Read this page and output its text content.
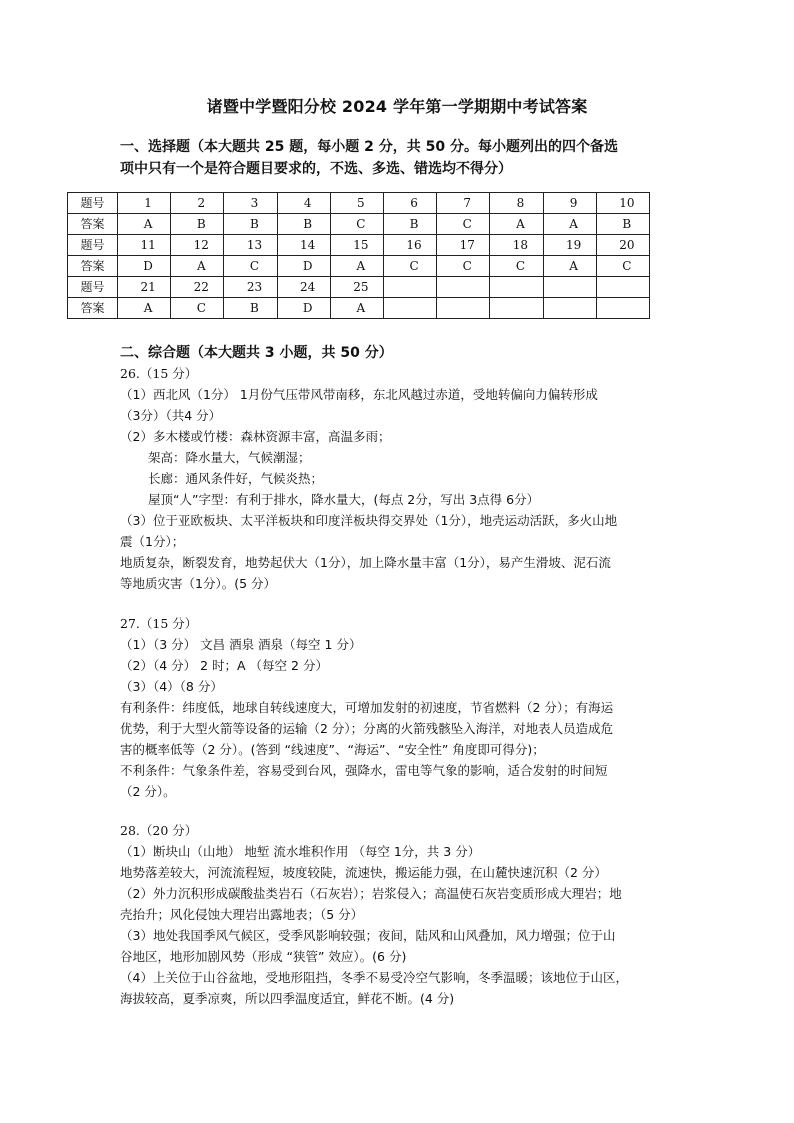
诸暨中学暨阳分校 2024 学年第一学期期中考试答案
一、选择题（本大题共 25 题，每小题 2 分，共 50 分。每小题列出的四个备选
项中只有一个是符合题目要求的，不选、多选、错选均不得分）
题号	1	2	3	4	5	6	7	8	9	10
答案	A	B	B	B	C	B	C	A	A	B
题号	11	12	13	14	15	16	17	18	19	20
答案	D	A	C	D	A	C	C	C	A	C
题号	21	22	23	24	25					
答案	A	C	B	D	A					
二、综合题（本大题共 3 小题，共 50 分）

26.（15 分）

（1）西北风（1分） 1月份气压带风带南移，东北风越过赤道，受地转偏向力偏转形成

（3分）（共4 分）

（2）多木楼或竹楼：森林资源丰富，高温多雨；

架高：降水量大，气候潮湿；

长廊：通风条件好，气候炎热；

屋顶“人”字型：有利于排水，降水量大，(每点 2分，写出 3点得 6分）

（3）位于亚欧板块、太平洋板块和印度洋板块得交界处（1分），地壳运动活跃，多火山地

震（1分）；

地质复杂，断裂发育，地势起伏大（1分），加上降水量丰富（1分），易产生滑坡、泥石流

等地质灾害（1分）。(5 分）

27.（15 分）

（1）（3 分） 文昌 酒泉 酒泉（每空 1 分）

（2）（4 分） 2 时；A （每空 2 分）

（3）（4）（8 分）

有利条件：纬度低，地球自转线速度大，可增加发射的初速度，节省燃料（2 分）；有海运

优势，利于大型火箭等设备的运输（2 分）；分离的火箭残骸坠入海洋，对地表人员造成危

害的概率低等（2 分）。(答到 “线速度”、“海运”、“安全性” 角度即可得分)；

不利条件：气象条件差，容易受到台风，强降水，雷电等气象的影响，适合发射的时间短

（2 分）。

28.（20 分）

（1）断块山（山地） 地堑 流水堆积作用 （每空 1分，共 3 分）

地势落差较大，河流流程短，坡度较陡，流速快，搬运能力强，在山麓快速沉积（2 分）

（2）外力沉积形成碳酸盐类岩石（石灰岩）；岩浆侵入；高温使石灰岩变质形成大理岩；地

壳抬升；风化侵蚀大理岩出露地表；（5 分）

（3）地处我国季风气候区，受季风影响较强；夜间，陆风和山风叠加，风力增强；位于山

谷地区，地形加剧风势（形成 “狭管” 效应）。(6 分)

（4）上关位于山谷盆地，受地形阻挡，冬季不易受冷空气影响，冬季温暖；该地位于山区，

海拔较高，夏季凉爽，所以四季温度适宜，鲜花不断。(4 分)
